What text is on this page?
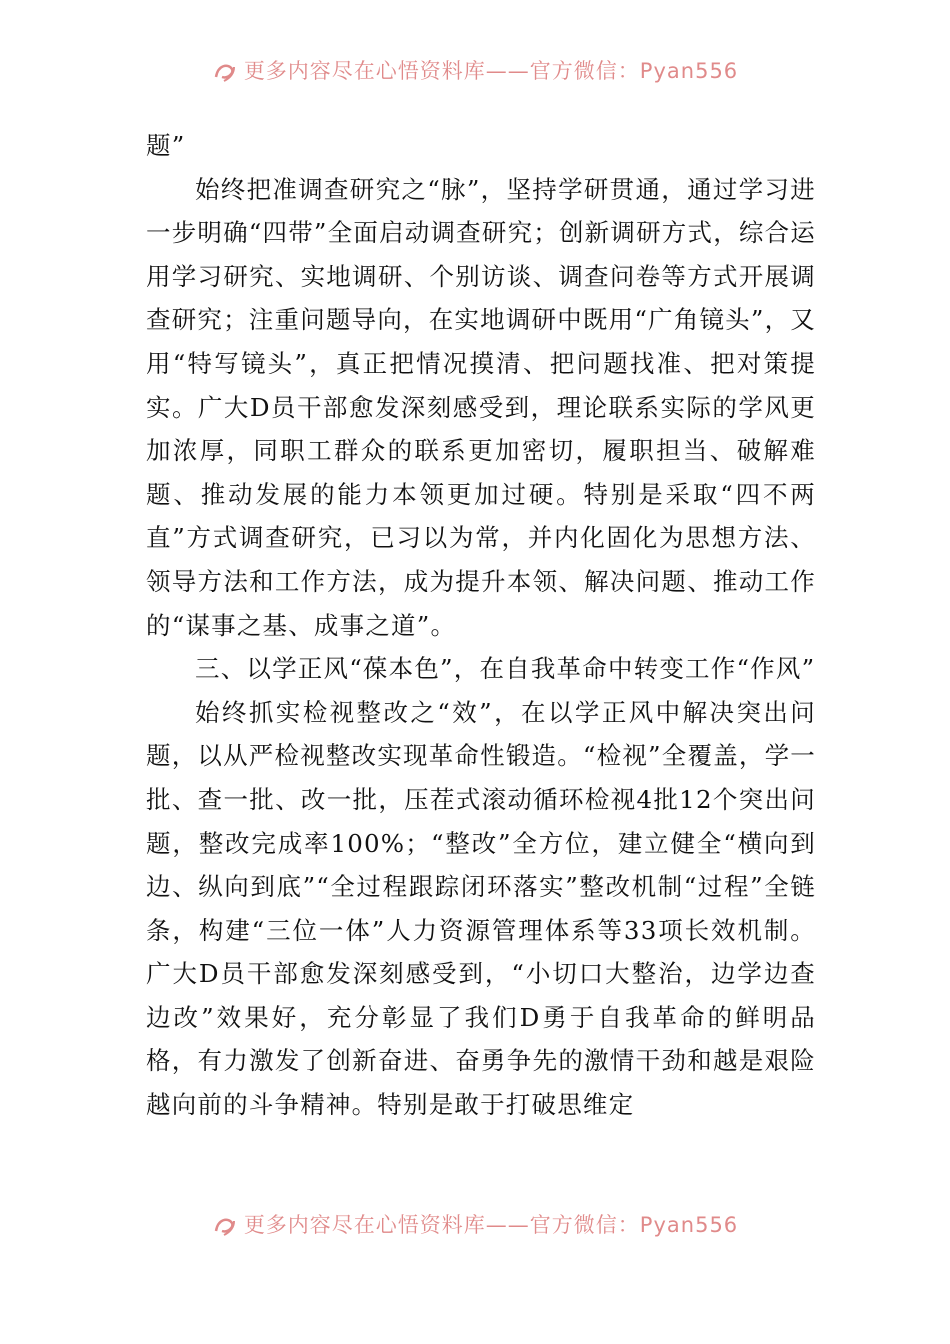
更多内容尽在心悟资料库——官方微信：Pyan556

题”

始终把准调查研究之“脉”，坚持学研贯通，通过学习进一步明确“四带”全面启动调查研究；创新调研方式，综合运用学习研究、实地调研、个别访谈、调查问卷等方式开展调查研究；注重问题导向，在实地调研中既用“广角镜头”，又用“特写镜头”，真正把情况摸清、把问题找准、把对策提实。广大D员干部愈发深刻感受到，理论联系实际的学风更加浓厚，同职工群众的联系更加密切，履职担当、破解难题、推动发展的能力本领更加过硬。特别是采取“四不两直”方式调查研究，已习以为常，并内化固化为思想方法、领导方法和工作方法，成为提升本领、解决问题、推动工作的“谋事之基、成事之道”。

三、以学正风“葆本色”，在自我革命中转变工作“作风”

始终抓实检视整改之“效”，在以学正风中解决突出问题，以从严检视整改实现革命性锻造。“检视”全覆盖，学一批、查一批、改一批，压茬式滚动循环检视4批12个突出问题，整改完成率100%；“整改”全方位，建立健全“横向到边、纵向到底”“全过程跟踪闭环落实”整改机制“过程”全链条，构建“三位一体”人力资源管理体系等33项长效机制。广大D员干部愈发深刻感受到，“小切口大整治，边学边查边改”效果好，充分彰显了我们D勇于自我革命的鲜明品格，有力激发了创新奋进、奋勇争先的激情干劲和越是艰险越向前的斗争精神。特别是敢于打破思维定

更多内容尽在心悟资料库——官方微信：Pyan556
